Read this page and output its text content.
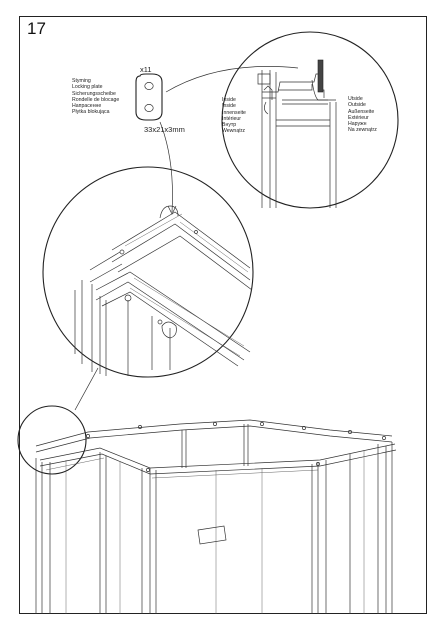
17
Styming
Locking plate
Sicherungsscheibe
Rondelle de blocage
Напрасенне
Płytka blokująca
x11
33x21x3mm
Inside
Inside
Innenseite
Intérieur
Внутр
Wewnątrz
Utside
Outside
Außenseite
Extérieur
Наружн
Na zewnątrz
